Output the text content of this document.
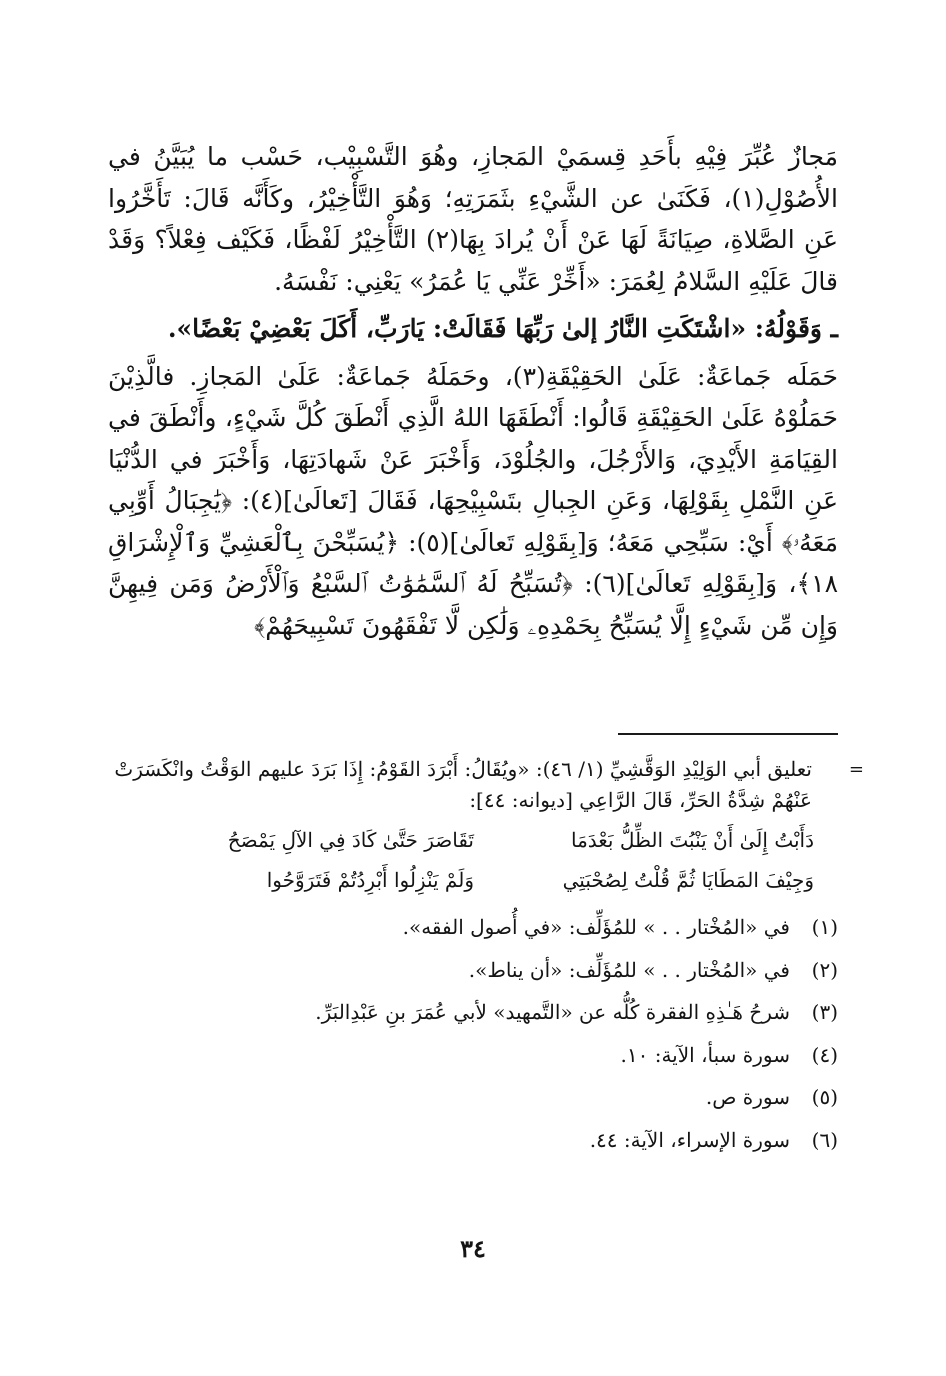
مَجازٌ عُبِّرَ فِيْهِ بأَحَدِ قِسمَيْ المَجازِ، وهُوَ التَّسْبِيْب، حَسْب ما يُبَيَّنُ في الأُصُوْلِ(١)، فَكَنَىٰ عن الشَّيْءِ بثَمَرَتِهِ؛ وَهُوَ التَّأْخِيْرُ، وكَأَنَّه قَالَ: تَأَخَّرُوا عَنِ الصَّلاةِ، صِيَانَةً لَهَا عَنْ أَنْ يُرادَ بِهَا(٢) التَّأْخِيْرُ لَفْظًا، فَكَيْف فِعْلاً؟ وَقَدْ قالَ عَلَيْهِ السَّلامُ لِعُمَرَ: «أَخِّرْ عَنِّي يَا عُمَرُ» يَعْنِي: نَفْسَهُ.

ـ وَقَوْلُهُ: «اشْتَكَتِ النَّارُ إلىٰ رَبِّهَا فَقَالَتْ: يَارَبِّ، أَكَلَ بَعْضِيْ بَعْضًا».

حَمَلَه جَماعَةٌ: عَلَىٰ الحَقِيْقَةِ(٣)، وحَمَلَهُ جَماعَةٌ: عَلَىٰ المَجازِ. فالَّذِيْنَ حَمَلُوْهُ عَلَىٰ الحَقِيْقَةِ قَالُوا: أَنْطَقَهَا اللهُ الَّذِي أَنْطَقَ كُلَّ شَيْءٍ، وأَنْطَقَ في القِيَامَةِ الأَيْدِيَ، وَالأَرْجُلَ، والجُلُوْدَ، وَأَخْبَرَ عَنْ شَهادَتِهَا، وَأَخْبَرَ في الدُّنْيَا عَنِ النَّمْلِ بِقَوْلِهَا، وَعَنِ الجِبالِ بتَسْبِيْحِهَا، فَقَالَ [تَعالَىٰ](٤): ﴿يَٰجِبَالُ أَوِّبِي مَعَهُۥ﴾ أَيْ: سَبِّحِي مَعَهُ؛ وَ[بِقَوْلِهِ تَعالَىٰ](٥): ﴿يُسَبِّحْنَ بِٱلْعَشِيِّ وَٱلْإِشْرَاقِ ١٨﴾، وَ[بِقَوْلِهِ تَعالَىٰ](٦): ﴿تُسَبِّحُ لَهُ ٱلسَّمَٰوَٰتُ ٱلسَّبْعُ وَٱلْأَرْضُ وَمَن فِيهِنَّ وَإِن مِّن شَيْءٍ إِلَّا يُسَبِّحُ بِحَمْدِهِۦ وَلَٰكِن لَّا تَفْقَهُونَ تَسْبِيحَهُمْ﴾

=
تعليق أبي الوَلِيْدِ الوَقَّشِيِّ (١/ ٤٦): «ويُقَالُ: أَبْرَدَ القَوْمُ: إِذَا بَرَدَ عليهم الوَقْتُ وانْكَسَرَتْ عَنْهُمْ شِدَّةُ الحَرِّ، قَالَ الرَّاعِي [ديوانه: ٤٤]:
دَأَبْتُ إِلَىٰ أَنْ يَنْبُتَ الظِّلُّ بَعْدَمَا
تَقَاصَرَ حَتَّىٰ كَادَ فِي الآلِ يَمْصَحُ
وَجِيْفَ المَطَايَا ثُمَّ قُلْتُ لِصُحْبَتِي
وَلَمْ يَنْزِلُوا أَبْرِدُتُمْ فَتَرَوَّحُوا
(١)
في «المُخْتار . . » للمُؤَلِّف: «في أُصول الفقه».
(٢)
في «المُخْتار . . » للمُؤَلِّف: «أن يناط».
(٣)
شرحُ هَـٰذِهِ الفقرة كُلُّه عن «التَّمهيد» لأبي عُمَرَ بنِ عَبْدِالبَرِّ.
(٤)
سورة سبأ، الآية: ١٠.
(٥)
سورة ص.
(٦)
سورة الإسراء، الآية: ٤٤.
٣٤
